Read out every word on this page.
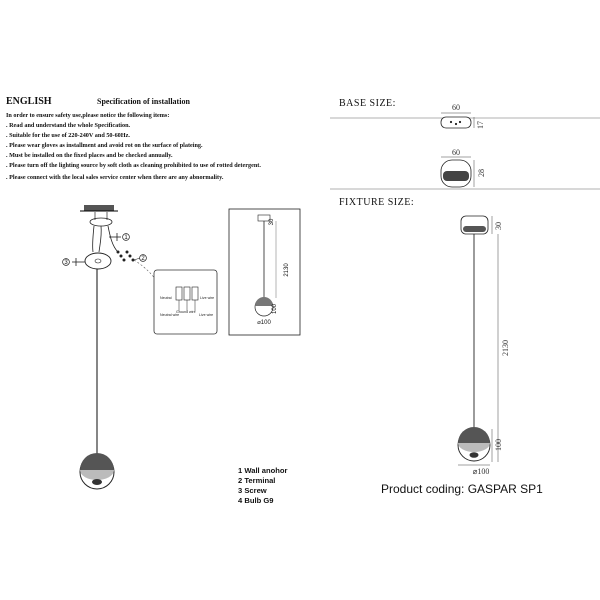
ENGLISH	Specification of installation
In order to ensure safety use,please notice the following items:
. Read and understand the whole Specification.
. Suitable for the use of 220-240V and 50-60Hz.
. Please wear gloves as installment and avoid rot on the surface of plateing.
. Must be installed on the fixed places and be checked annually.
. Please turn off the lighting source by soft cloth as cleaning prohibited to use of rotted detergent.
. Please connect with the local sales service center when there are any abnormality.
BASE SIZE:
FIXTURE SIZE:
1 Wall anohor
2 Terminal
3 Screw
4 Bulb G9
Product coding: GASPAR SP1
1
2
3
Neutral	Live wire
Neutral wire
Ground wire
Live wire
2130
30
100
⌀100
60
17
60
28
30
2130
100
⌀100
